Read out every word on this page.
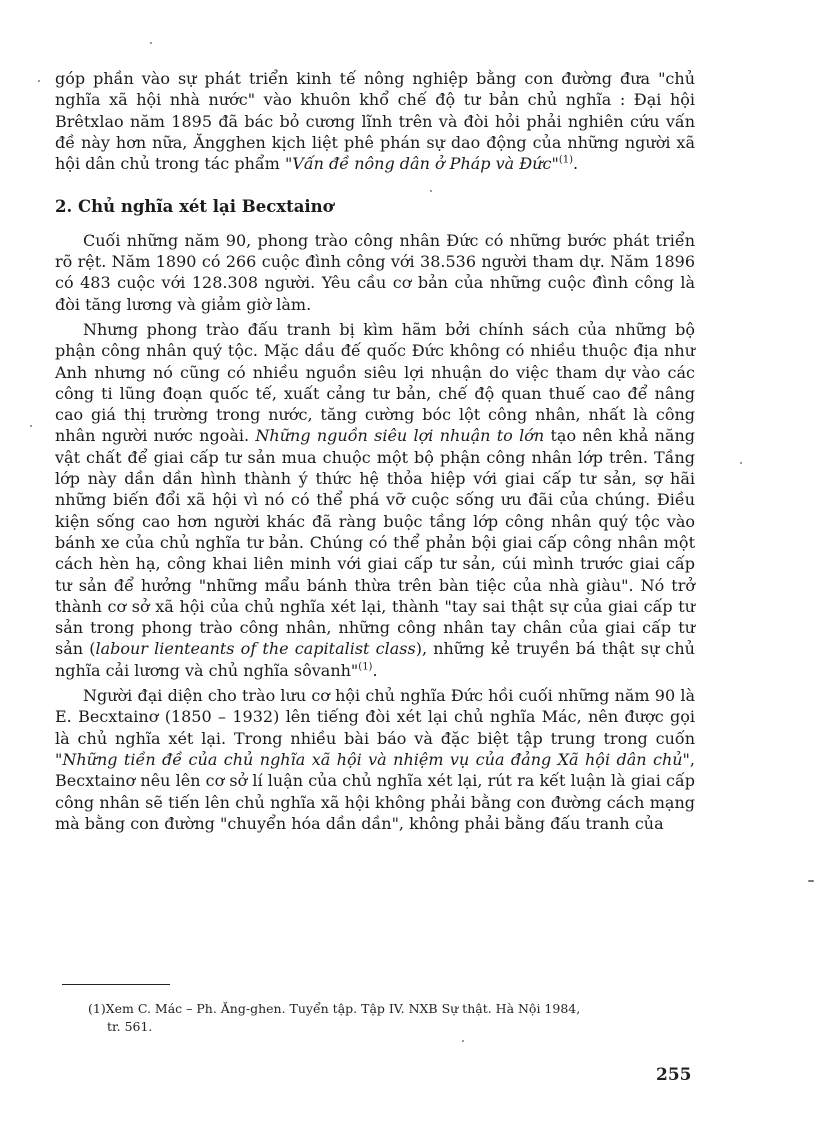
góp phần vào sự phát triển kinh tế nông nghiệp bằng con đường đưa "chủ nghĩa xã hội nhà nước" vào khuôn khổ chế độ tư bản chủ nghĩa : Đại hội Brêtxlao năm 1895 đã bác bỏ cương lĩnh trên và đòi hỏi phải nghiên cứu vấn đề này hơn nữa, Ăngghen kịch liệt phê phán sự dao động của những người xã hội dân chủ trong tác phẩm "Vấn đề nông dân ở Pháp và Đức"$^{(1)}$.

2. Chủ nghĩa xét lại Becxtainơ

Cuối những năm 90, phong trào công nhân Đức có những bước phát triển rõ rệt. Năm 1890 có 266 cuộc đình công với 38.536 người tham dự. Năm 1896 có 483 cuộc với 128.308 người. Yêu cầu cơ bản của những cuộc đình công là đòi tăng lương và giảm giờ làm.

Nhưng phong trào đấu tranh bị kìm hãm bởi chính sách của những bộ phận công nhân quý tộc. Mặc dầu đế quốc Đức không có nhiều thuộc địa như Anh nhưng nó cũng có nhiều nguồn siêu lợi nhuận do việc tham dự vào các công ti lũng đoạn quốc tế, xuất cảng tư bản, chế độ quan thuế cao để nâng cao giá thị trường trong nước, tăng cường bóc lột công nhân, nhất là công nhân người nước ngoài. Những nguồn siêu lợi nhuận to lớn tạo nên khả năng vật chất để giai cấp tư sản mua chuộc một bộ phận công nhân lớp trên. Tầng lớp này dần dần hình thành ý thức hệ thỏa hiệp với giai cấp tư sản, sợ hãi những biến đổi xã hội vì nó có thể phá vỡ cuộc sống ưu đãi của chúng. Điều kiện sống cao hơn người khác đã ràng buộc tầng lớp công nhân quý tộc vào bánh xe của chủ nghĩa tư bản. Chúng có thể phản bội giai cấp công nhân một cách hèn hạ, công khai liên minh với giai cấp tư sản, cúi mình trước giai cấp tư sản để hưởng "những mẩu bánh thừa trên bàn tiệc của nhà giàu". Nó trở thành cơ sở xã hội của chủ nghĩa xét lại, thành "tay sai thật sự của giai cấp tư sản trong phong trào công nhân, những công nhân tay chân của giai cấp tư sản (labour lienteants of the capitalist class), những kẻ truyền bá thật sự chủ nghĩa cải lương và chủ nghĩa sôvanh"$^{(1)}$.

Người đại diện cho trào lưu cơ hội chủ nghĩa Đức hồi cuối những năm 90 là E. Becxtainơ (1850 – 1932) lên tiếng đòi xét lại chủ nghĩa Mác, nên được gọi là chủ nghĩa xét lại. Trong nhiều bài báo và đặc biệt tập trung trong cuốn "Những tiền đề của chủ nghĩa xã hội và nhiệm vụ của đảng Xã hội dân chủ", Becxtainơ nêu lên cơ sở lí luận của chủ nghĩa xét lại, rút ra kết luận là giai cấp công nhân sẽ tiến lên chủ nghĩa xã hội không phải bằng con đường cách mạng mà bằng con đường "chuyển hóa dần dần", không phải bằng đấu tranh của

(1)Xem C. Mác – Ph. Ăng-ghen. Tuyển tập. Tập IV. NXB Sự thật. Hà Nội 1984,
tr. 561.
255
